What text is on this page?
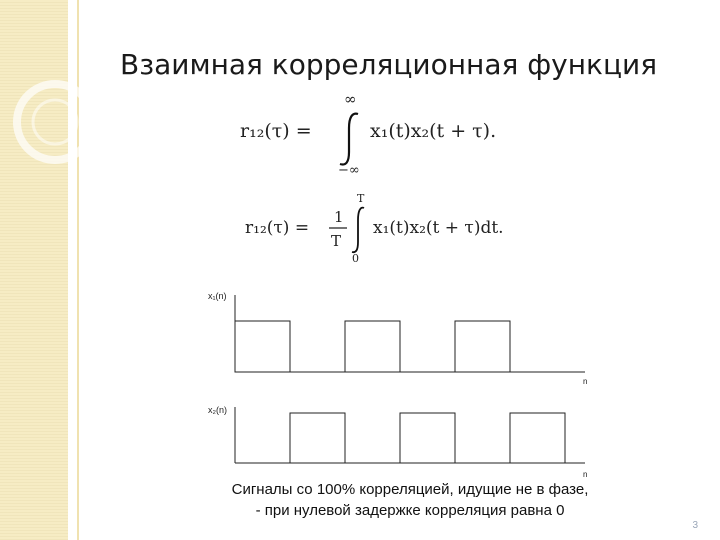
Взаимная корреляционная функция
r₁₂(τ) =
∞
−∞
x₁(t)x₂(t + τ).
r₁₂(τ) =
1
T
T
0
x₁(t)x₂(t + τ)dt.
x₁(n)
n
x₂(n)
n
Сигналы со 100% корреляцией, идущие не в фазе,
- при нулевой задержке корреляция равна 0
3
